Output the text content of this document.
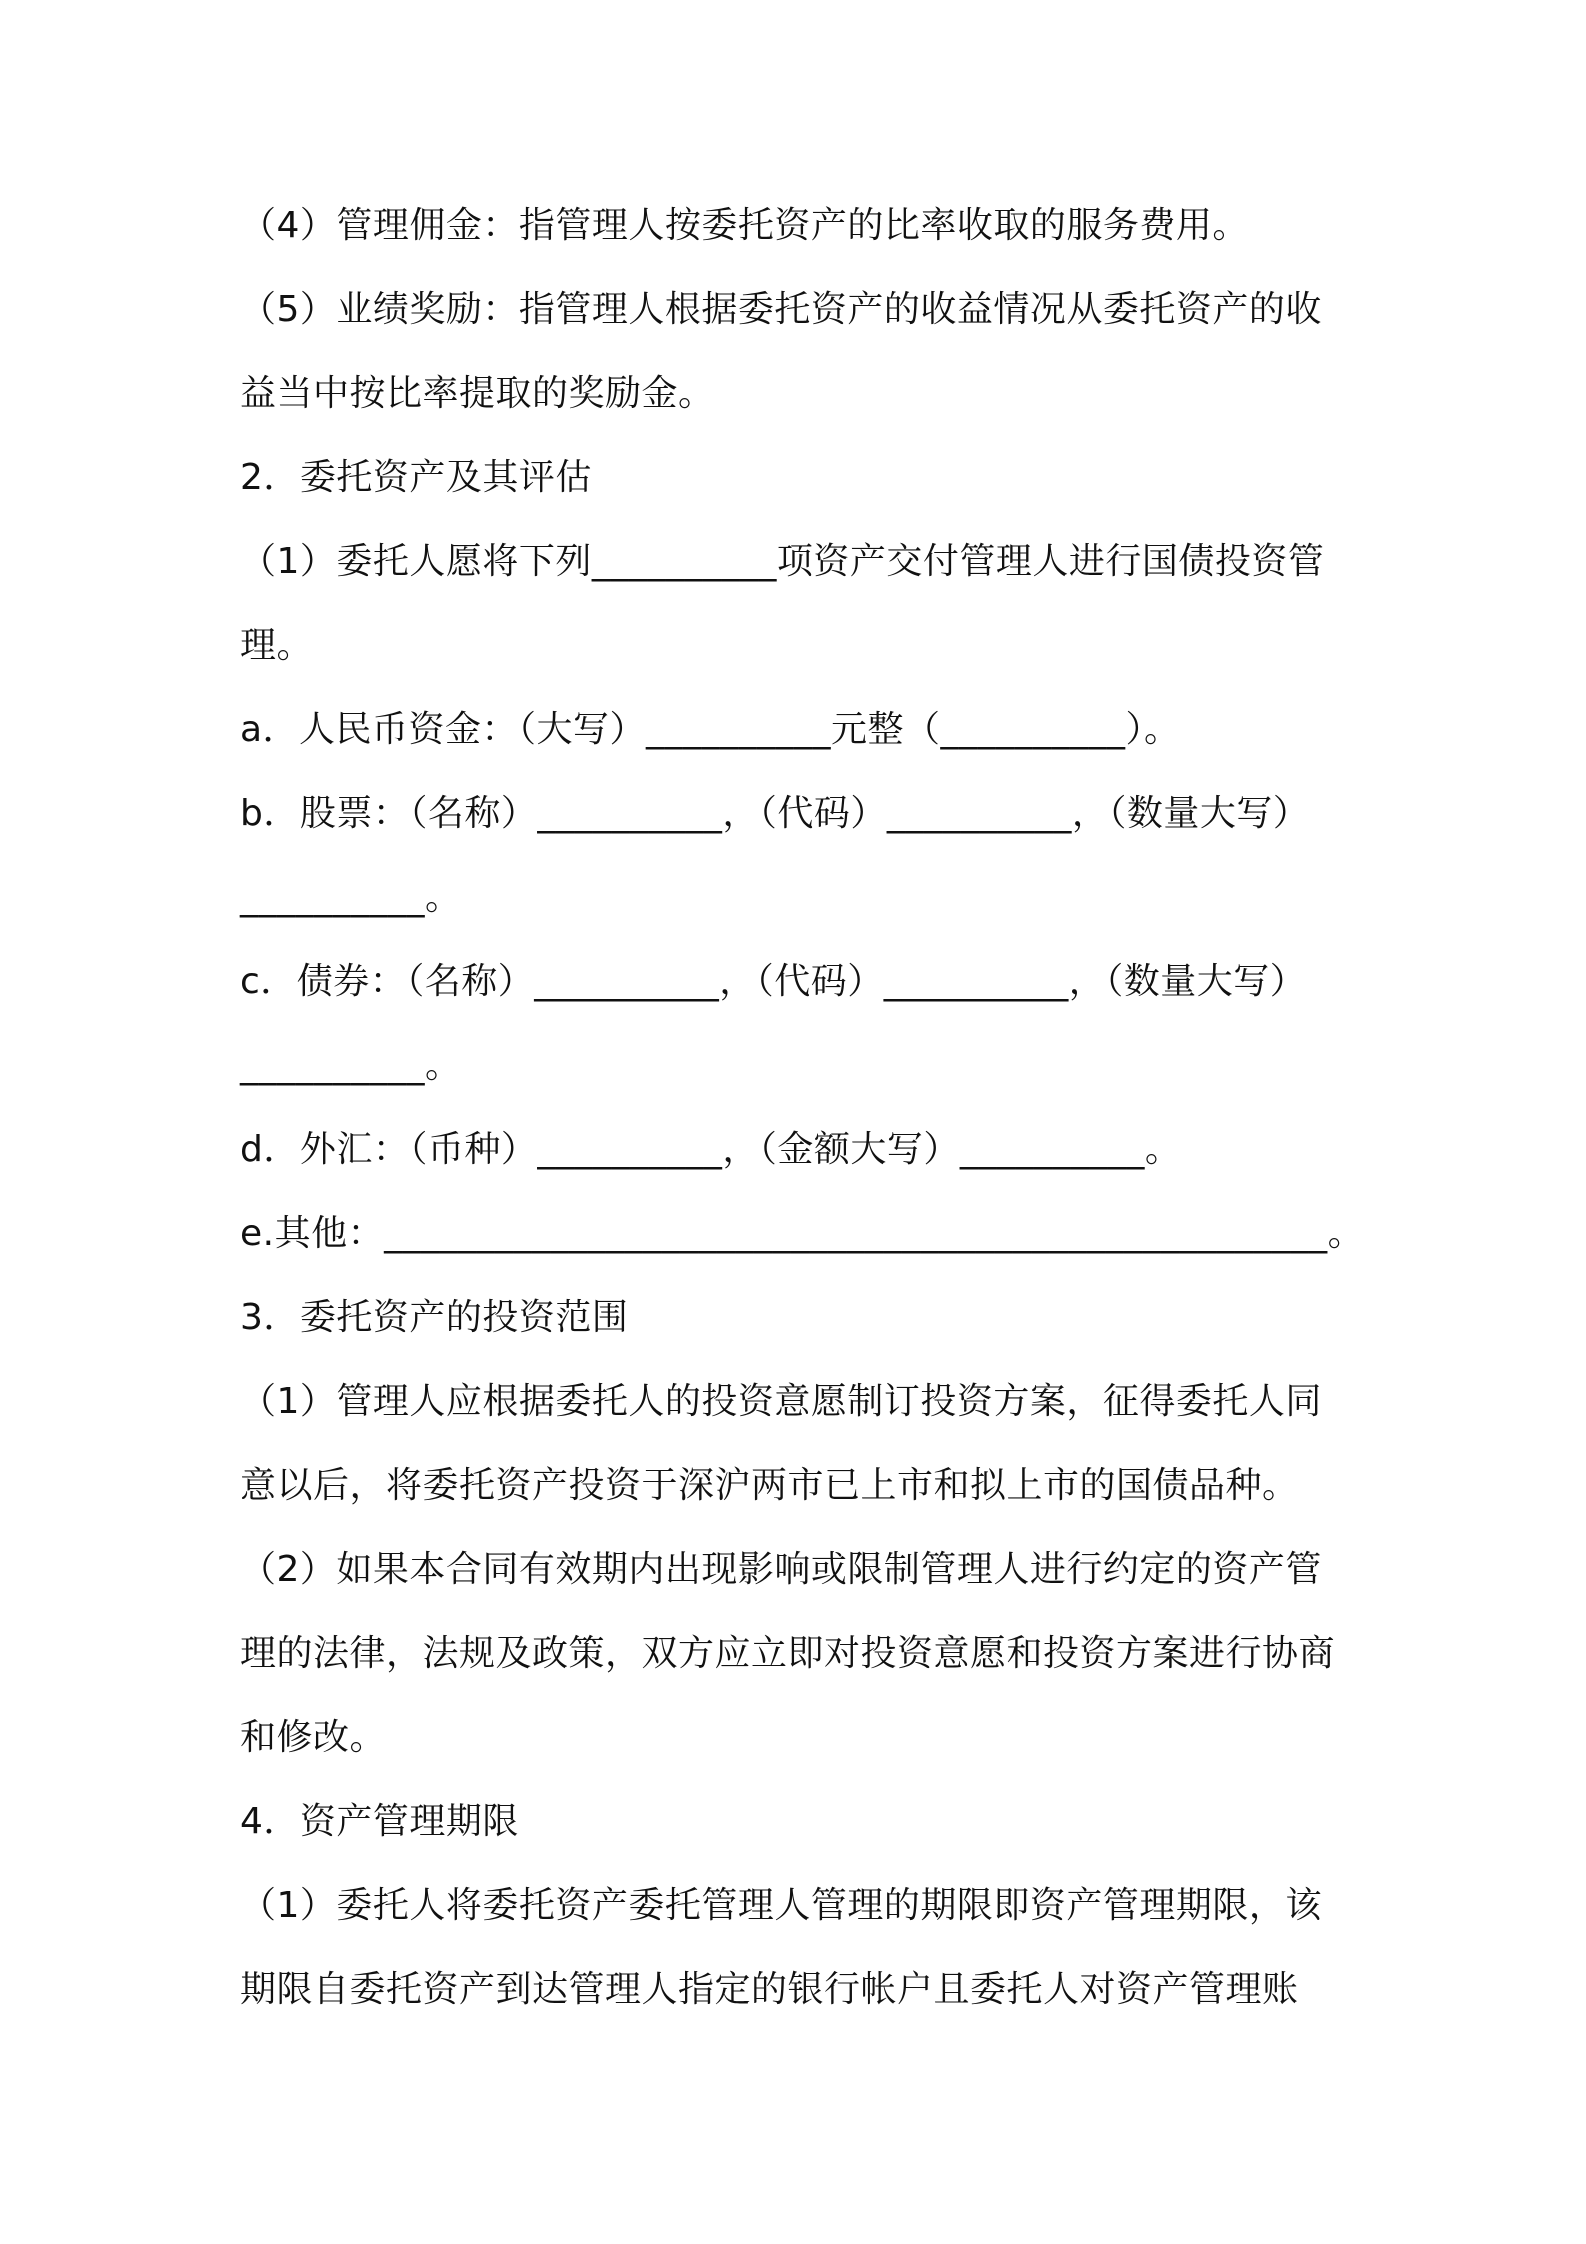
（4）管理佣金：指管理人按委托资产的比率收取的服务费用。
（5）业绩奖励：指管理人根据委托资产的收益情况从委托资产的收
益当中按比率提取的奖励金。
2．委托资产及其评估
（1）委托人愿将下列__________项资产交付管理人进行国债投资管
理。
a．人民币资金：（大写）__________元整（__________）。
b．股票：（名称）__________，（代码）__________，（数量大写）
__________。
c．债券：（名称）__________，（代码）__________，（数量大写）
__________。
d．外汇：（币种）__________，（金额大写）__________。
e.其他：___________________________________________________。
3．委托资产的投资范围
（1）管理人应根据委托人的投资意愿制订投资方案，征得委托人同
意以后，将委托资产投资于深沪两市已上市和拟上市的国债品种。
（2）如果本合同有效期内出现影响或限制管理人进行约定的资产管
理的法律，法规及政策，双方应立即对投资意愿和投资方案进行协商
和修改。
4．资产管理期限
（1）委托人将委托资产委托管理人管理的期限即资产管理期限，该
期限自委托资产到达管理人指定的银行帐户且委托人对资产管理账
